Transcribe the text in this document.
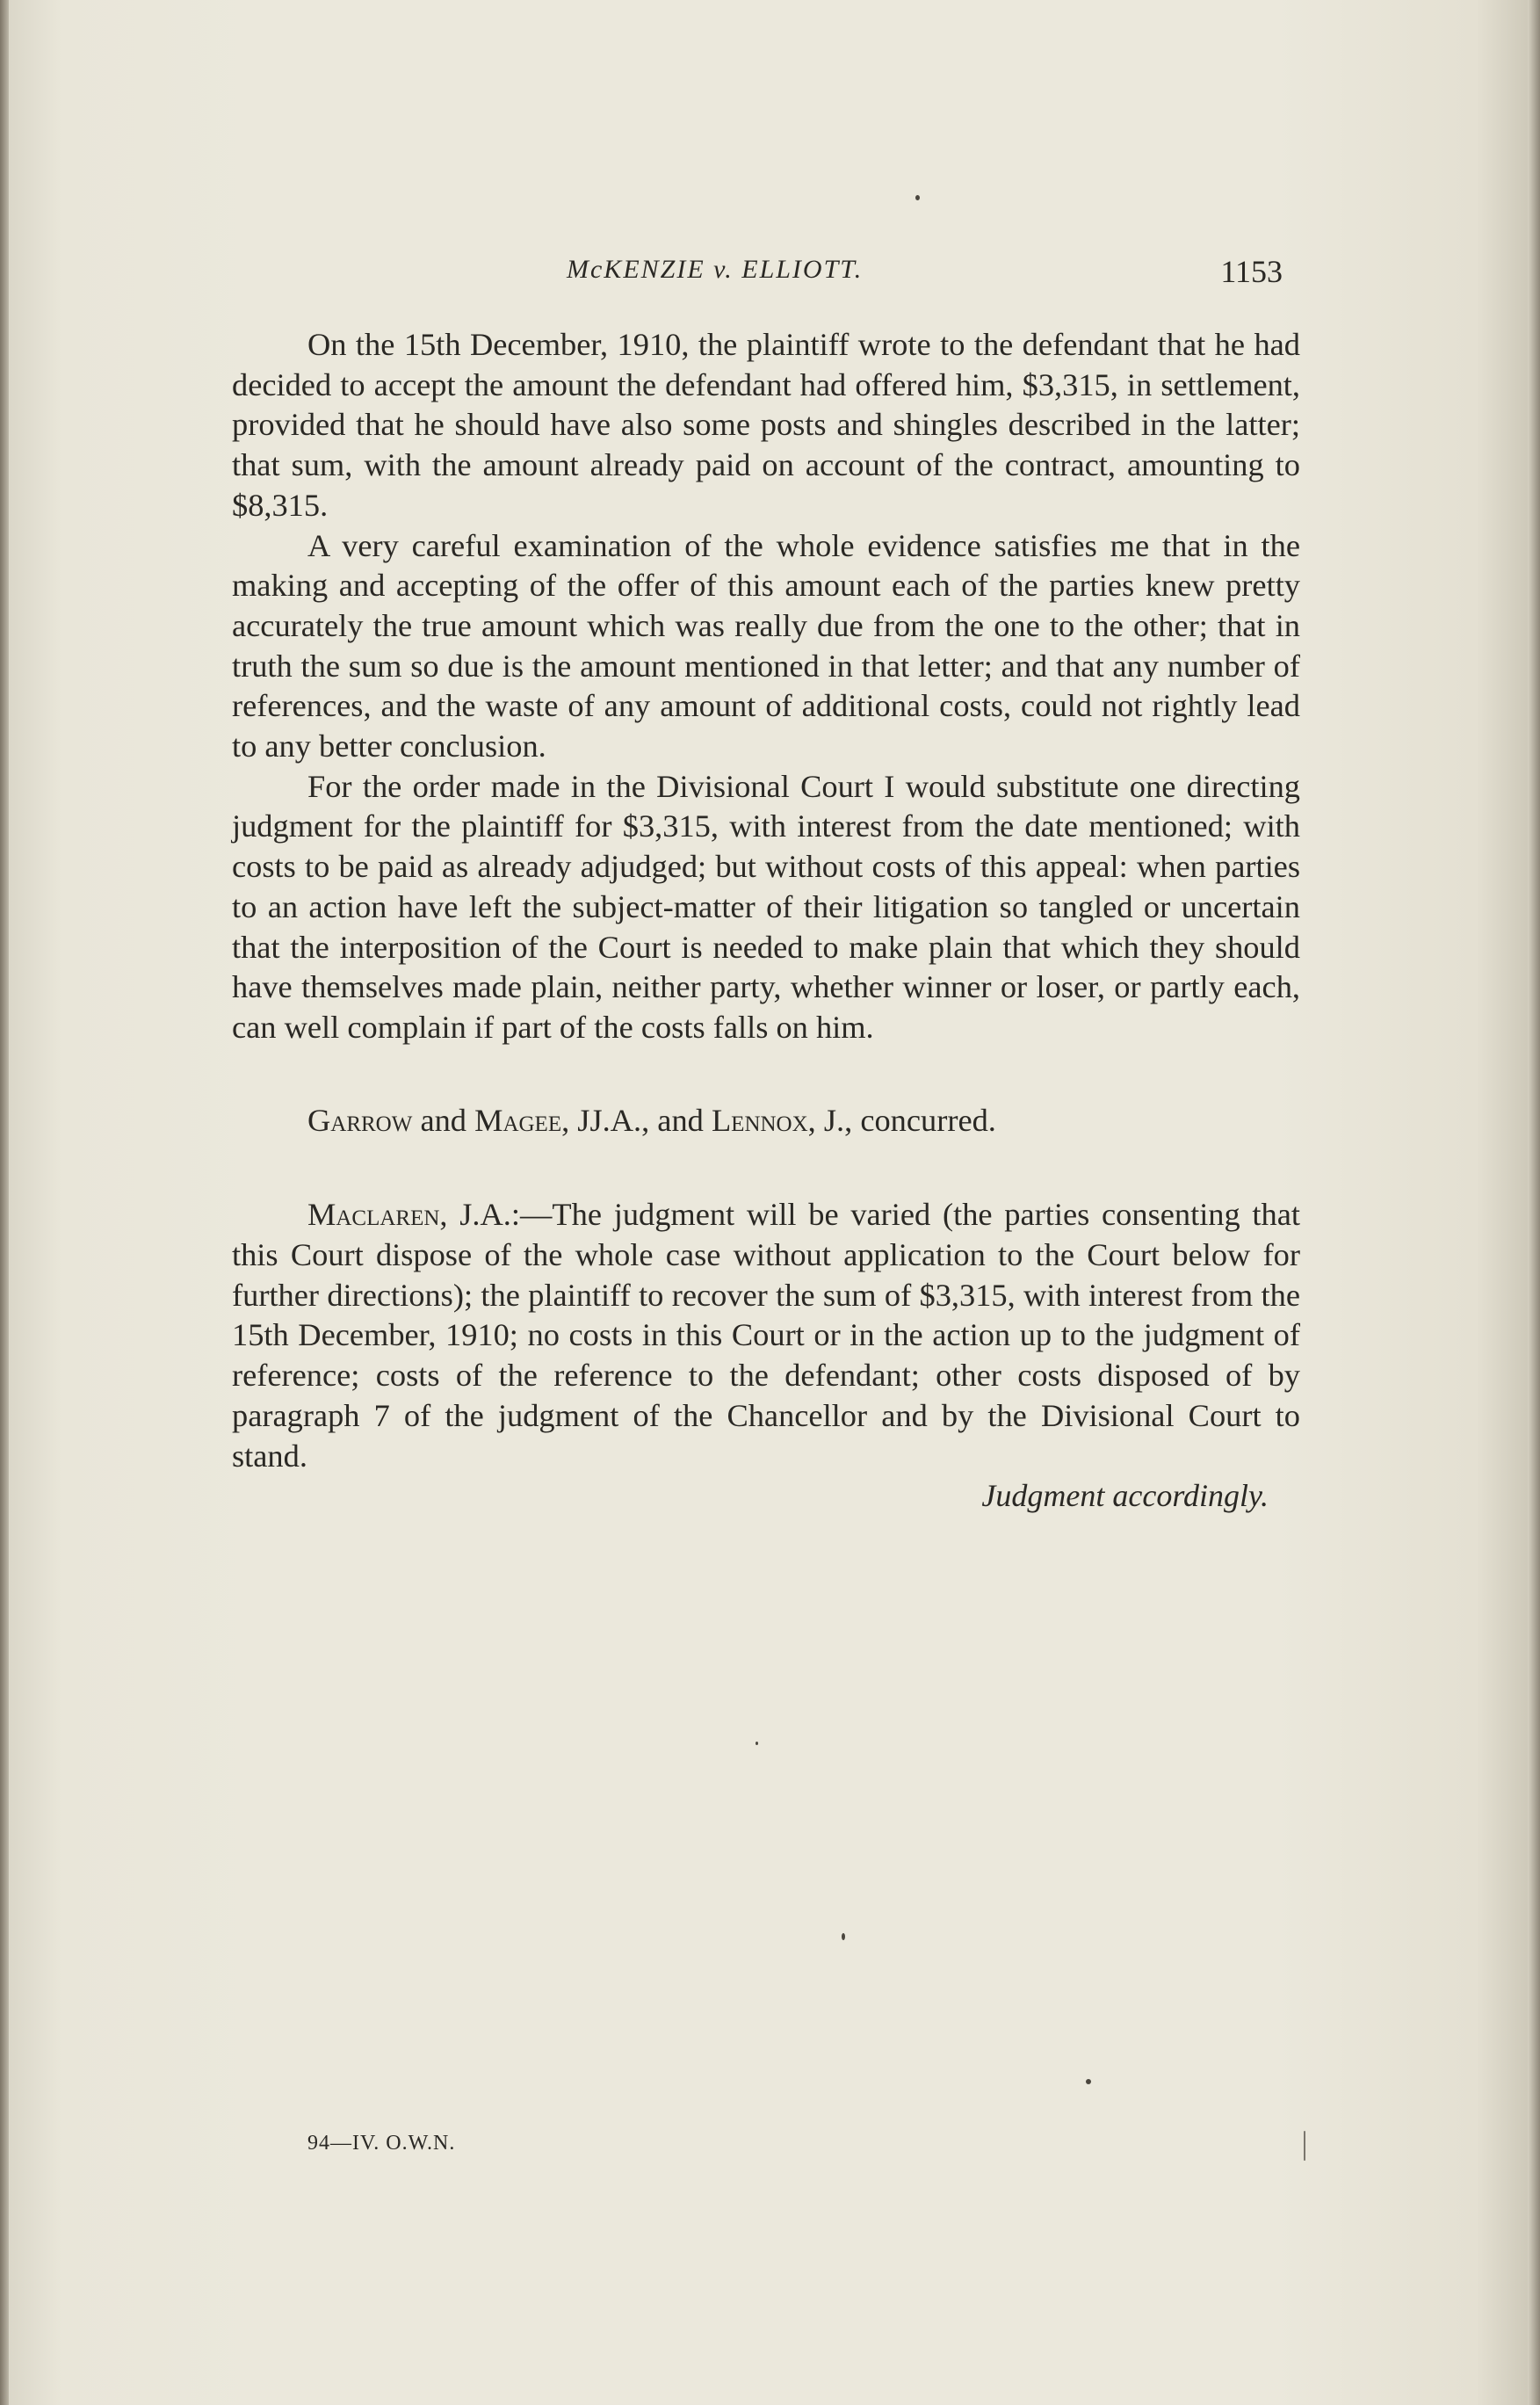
McKENZIE v. ELLIOTT.	1153

On the 15th December, 1910, the plaintiff wrote to the defendant that he had decided to accept the amount the defendant had offered him, $3,315, in settlement, provided that he should have also some posts and shingles described in the latter; that sum, with the amount already paid on account of the contract, amounting to $8,315.

A very careful examination of the whole evidence satisfies me that in the making and accepting of the offer of this amount each of the parties knew pretty accurately the true amount which was really due from the one to the other; that in truth the sum so due is the amount mentioned in that letter; and that any number of references, and the waste of any amount of additional costs, could not rightly lead to any better conclusion.

For the order made in the Divisional Court I would substitute one directing judgment for the plaintiff for $3,315, with interest from the date mentioned; with costs to be paid as already adjudged; but without costs of this appeal: when parties to an action have left the subject-matter of their litigation so tangled or uncertain that the interposition of the Court is needed to make plain that which they should have themselves made plain, neither party, whether winner or loser, or partly each, can well complain if part of the costs falls on him.

Garrow and Magee, JJ.A., and Lennox, J., concurred.

Maclaren, J.A.:—The judgment will be varied (the parties consenting that this Court dispose of the whole case without application to the Court below for further directions); the plaintiff to recover the sum of $3,315, with interest from the 15th December, 1910; no costs in this Court or in the action up to the judgment of reference; costs of the reference to the defendant; other costs disposed of by paragraph 7 of the judgment of the Chancellor and by the Divisional Court to stand.

Judgment accordingly.

94—IV. O.W.N.
